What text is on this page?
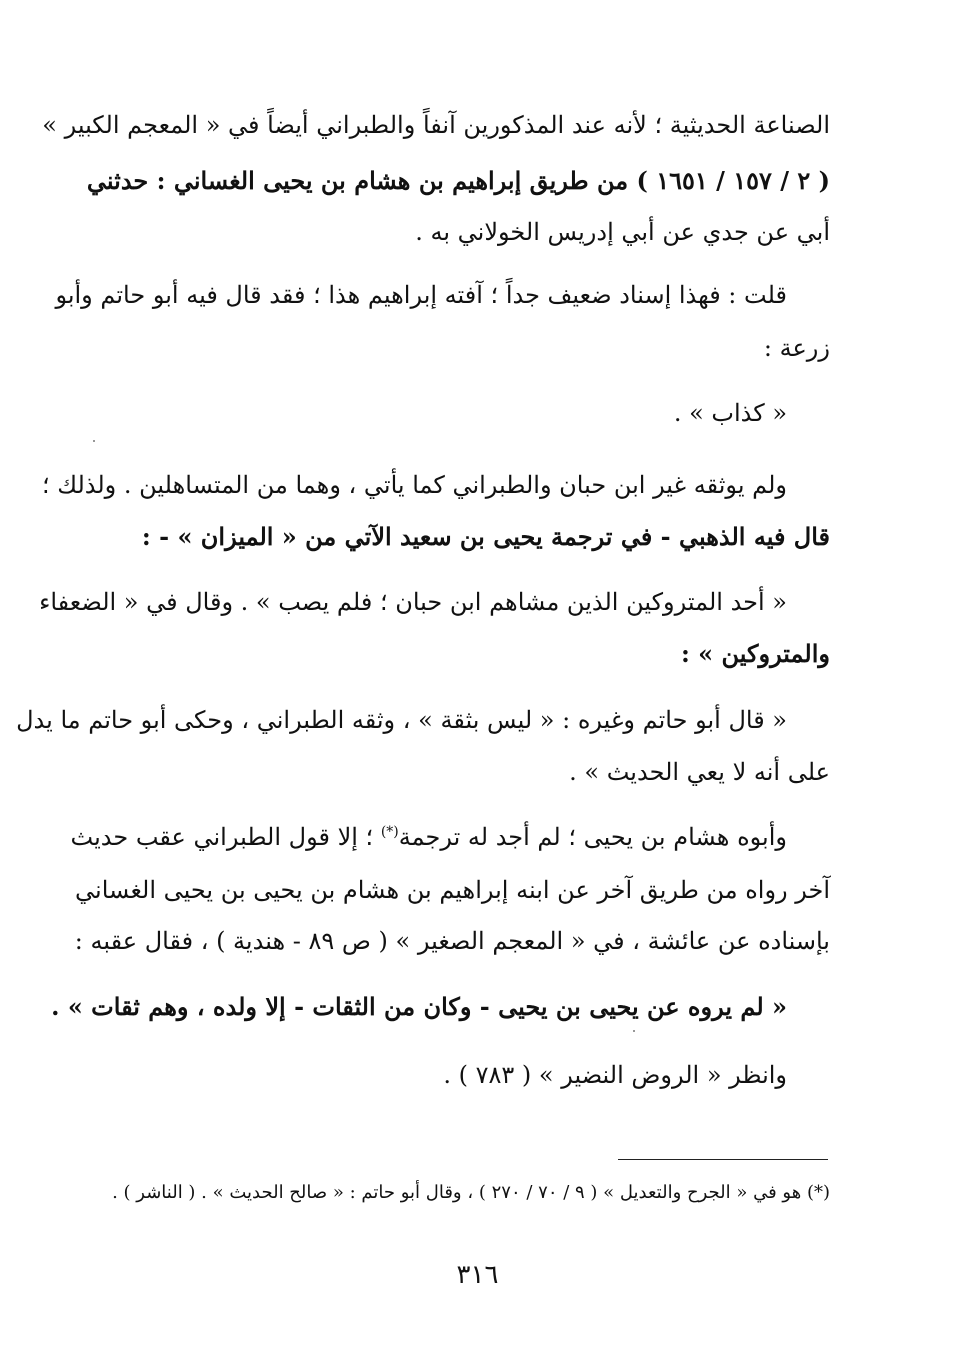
الصناعة الحديثية ؛ لأنه عند المذكورين آنفاً والطبراني أيضاً في « المعجم الكبير »
( ٢ / ١٥٧ / ١٦٥١ ) من طريق إبراهيم بن هشام بن يحيى الغساني : حدثني
أبي عن جدي عن أبي إدريس الخولاني به .
قلت : فهذا إسناد ضعيف جداً ؛ آفته إبراهيم هذا ؛ فقد قال فيه أبو حاتم وأبو
زرعة :
« كذاب » .
ولم يوثقه غير ابن حبان والطبراني كما يأتي ، وهما من المتساهلين . ولذلك ؛
قال فيه الذهبي - في ترجمة يحيى بن سعيد الآتي من « الميزان » - :
« أحد المتروكين الذين مشاهم ابن حبان ؛ فلم يصب » . وقال في « الضعفاء
والمتروكين » :
« قال أبو حاتم وغيره : « ليس بثقة » ، وثقه الطبراني ، وحكى أبو حاتم ما يدل
على أنه لا يعي الحديث » .
وأبوه هشام بن يحيى ؛ لم أجد له ترجمة(*) ؛ إلا قول الطبراني عقب حديث
آخر رواه من طريق آخر عن ابنه إبراهيم بن هشام بن يحيى بن يحيى الغساني
بإسناده عن عائشة ، في « المعجم الصغير » ( ص ٨٩ - هندية ) ، فقال عقبه :
« لم يروه عن يحيى بن يحيى - وكان من الثقات - إلا ولده ، وهم ثقات » .
وانظر « الروض النضير » ( ٧٨٣ ) .
(*) هو في « الجرح والتعديل » ( ٩ / ٧٠ / ٢٧٠ ) ، وقال أبو حاتم : « صالح الحديث » . ( الناشر ) .
٣١٦
